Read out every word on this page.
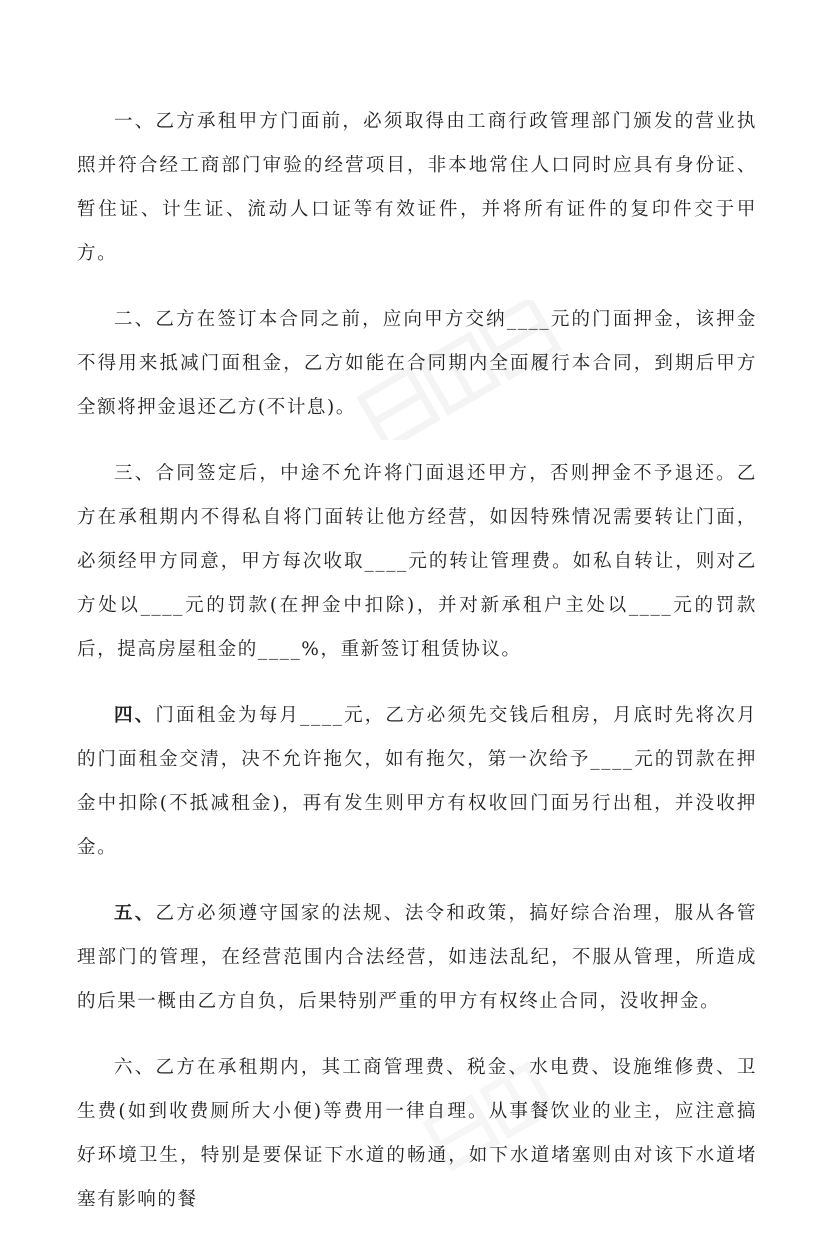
一、乙方承租甲方门面前，必须取得由工商行政管理部门颁发的营业执照并符合经工商部门审验的经营项目，非本地常住人口同时应具有身份证、暂住证、计生证、流动人口证等有效证件，并将所有证件的复印件交于甲方。

二、乙方在签订本合同之前，应向甲方交纳____元的门面押金，该押金不得用来抵减门面租金，乙方如能在合同期内全面履行本合同，到期后甲方全额将押金退还乙方(不计息)。

三、合同签定后，中途不允许将门面退还甲方，否则押金不予退还。乙方在承租期内不得私自将门面转让他方经营，如因特殊情况需要转让门面，必须经甲方同意，甲方每次收取____元的转让管理费。如私自转让，则对乙方处以____元的罚款(在押金中扣除)，并对新承租户主处以____元的罚款后，提高房屋租金的____%，重新签订租赁协议。

四、门面租金为每月____元，乙方必须先交钱后租房，月底时先将次月的门面租金交清，决不允许拖欠，如有拖欠，第一次给予____元的罚款在押金中扣除(不抵减租金)，再有发生则甲方有权收回门面另行出租，并没收押金。

五、乙方必须遵守国家的法规、法令和政策，搞好综合治理，服从各管理部门的管理，在经营范围内合法经营，如违法乱纪，不服从管理，所造成的后果一概由乙方自负，后果特别严重的甲方有权终止合同，没收押金。

六、乙方在承租期内，其工商管理费、税金、水电费、设施维修费、卫生费(如到收费厕所大小便)等费用一律自理。从事餐饮业的业主，应注意搞好环境卫生，特别是要保证下水道的畅通，如下水道堵塞则由对该下水道堵塞有影响的餐
